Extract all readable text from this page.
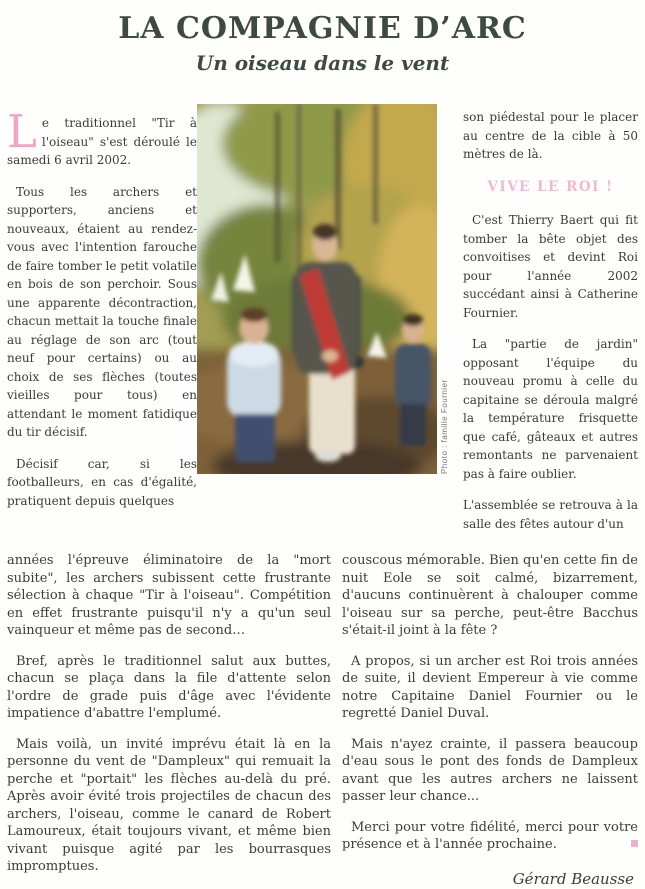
LA COMPAGNIE D’ARC
Un oiseau dans le vent

Le traditionnel "Tir à l'oiseau" s'est déroulé le samedi 6 avril 2002.

Tous les archers et supporters, anciens et nouveaux, étaient au rendez-vous avec l'intention farouche de faire tomber le petit volatile en bois de son perchoir. Sous une apparente décontraction, chacun mettait la touche finale au réglage de son arc (tout neuf pour certains) ou au choix de ses flèches (toutes vieilles pour tous) en attendant le moment fatidique du tir décisif.

Décisif car, si les footballeurs, en cas d'égalité, pratiquent depuis quelques

Photo : famille Fournier

son piédestal pour le placer au centre de la cible à 50 mètres de là.

VIVE LE ROI !

C'est Thierry Baert qui fit tomber la bête objet des convoitises et devint Roi pour l'année 2002 succédant ainsi à Catherine Fournier.

La "partie de jardin" opposant l'équipe du nouveau promu à celle du capitaine se déroula malgré la température frisquette que café, gâteaux et autres remontants ne parvenaient pas à faire oublier.

L'assemblée se retrouva à la salle des fêtes autour d'un

années l'épreuve éliminatoire de la "mort subite", les archers subissent cette frustrante sélection à chaque "Tir à l'oiseau". Compétition en effet frustrante puisqu'il n'y a qu'un seul vainqueur et même pas de second…

Bref, après le traditionnel salut aux buttes, chacun se plaça dans la file d'attente selon l'ordre de grade puis d'âge avec l'évidente impatience d'abattre l'emplumé.

Mais voilà, un invité imprévu était là en la personne du vent de "Dampleux" qui remuait la perche et "portait" les flèches au-delà du pré. Après avoir évité trois projectiles de chacun des archers, l'oiseau, comme le canard de Robert Lamoureux, était toujours vivant, et même bien vivant puisque agité par les bourrasques impromptues.

couscous mémorable. Bien qu'en cette fin de nuit Eole se soit calmé, bizarrement, d'aucuns continuèrent à chalouper comme l'oiseau sur sa perche, peut-être Bacchus s'était-il joint à la fête ?

A propos, si un archer est Roi trois années de suite, il devient Empereur à vie comme notre Capitaine Daniel Fournier ou le regretté Daniel Duval.

Mais n'ayez crainte, il passera beaucoup d'eau sous le pont des fonds de Dampleux avant que les autres archers ne laissent passer leur chance...

Merci pour votre fidélité, merci pour votre présence et à l'année prochaine.

Gérard Beausse
